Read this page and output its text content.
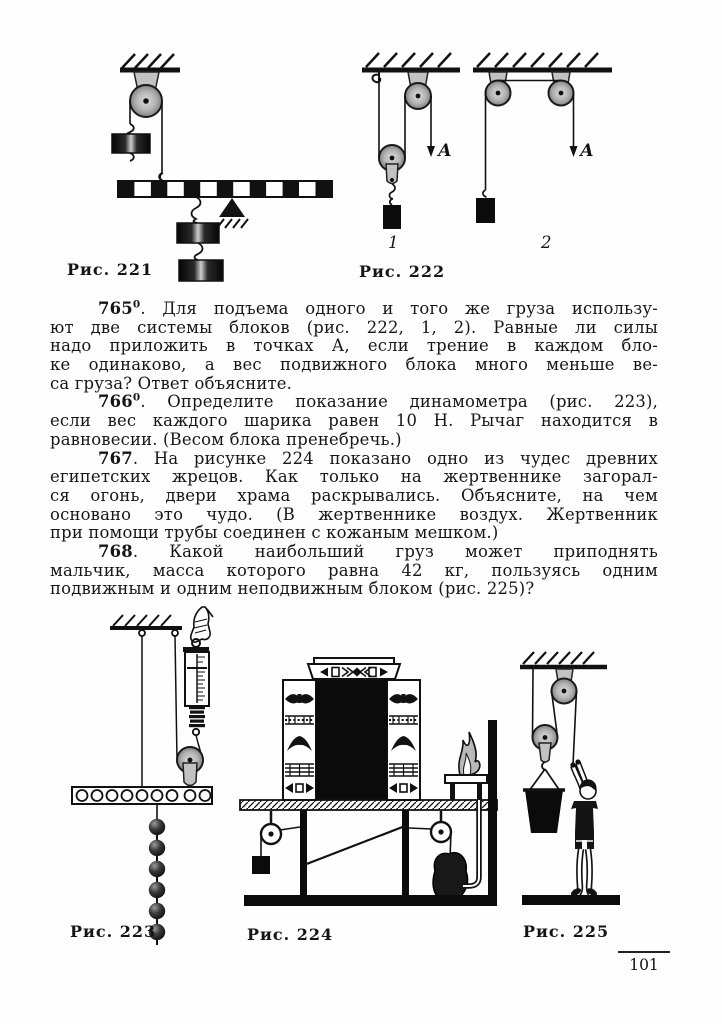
Рис. 221	Рис. 222
Рис. 223	Рис. 224	Рис. 225
1	2
А	А
$765^0$. Для подъема одного и того же груза использу-
ют две системы блоков (рис. 222, 1, 2). Равные ли силы
надо приложить в точках А, если трение в каждом бло-
ке одинаково, а вес подвижного блока много меньше ве-
са груза? Ответ объясните.
$766^0$. Определите показание динамометра (рис. 223),
если вес каждого шарика равен 10 Н. Рычаг находится в
равновесии. (Весом блока пренебречь.)
767. На рисунке 224 показано одно из чудес древних
египетских жрецов. Как только на жертвеннике загорал-
ся огонь, двери храма раскрывались. Объясните, на чем
основано это чудо. (В жертвеннике воздух. Жертвенник
при помощи трубы соединен с кожаным мешком.)
768. Какой наибольший груз может приподнять
мальчик, масса которого равна 42 кг, пользуясь одним
подвижным и одним неподвижным блоком (рис. 225)?
101
